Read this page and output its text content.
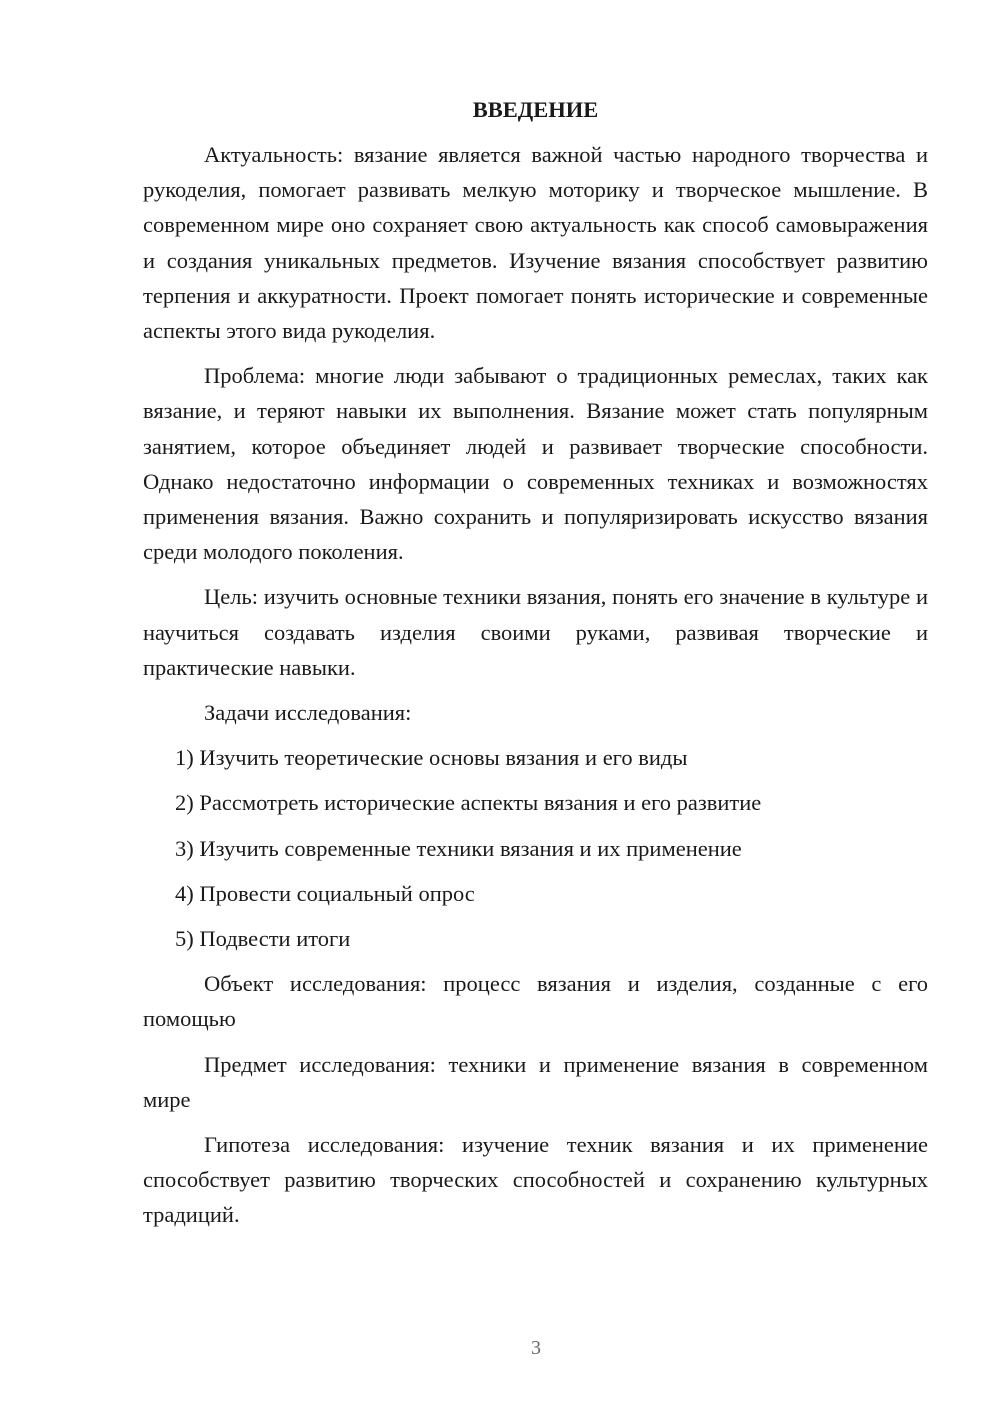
ВВЕДЕНИЕ

Актуальность: вязание является важной частью народного творчества и рукоделия, помогает развивать мелкую моторику и творческое мышление. В современном мире оно сохраняет свою актуальность как способ самовыражения и создания уникальных предметов. Изучение вязания способствует развитию терпения и аккуратности. Проект помогает понять исторические и современные аспекты этого вида рукоделия.

Проблема: многие люди забывают о традиционных ремеслах, таких как вязание, и теряют навыки их выполнения. Вязание может стать популярным занятием, которое объединяет людей и развивает творческие способности. Однако недостаточно информации о современных техниках и возможностях применения вязания. Важно сохранить и популяризировать искусство вязания среди молодого поколения.

Цель: изучить основные техники вязания, понять его значение в культуре и научиться создавать изделия своими руками, развивая творческие и практические навыки.

Задачи исследования:

1) Изучить теоретические основы вязания и его виды
2) Рассмотреть исторические аспекты вязания и его развитие
3) Изучить современные техники вязания и их применение
4) Провести социальный опрос
5) Подвести итоги

Объект исследования: процесс вязания и изделия, созданные с его помощью

Предмет исследования: техники и применение вязания в современном мире

Гипотеза исследования: изучение техник вязания и их применение способствует развитию творческих способностей и сохранению культурных традиций.

3
